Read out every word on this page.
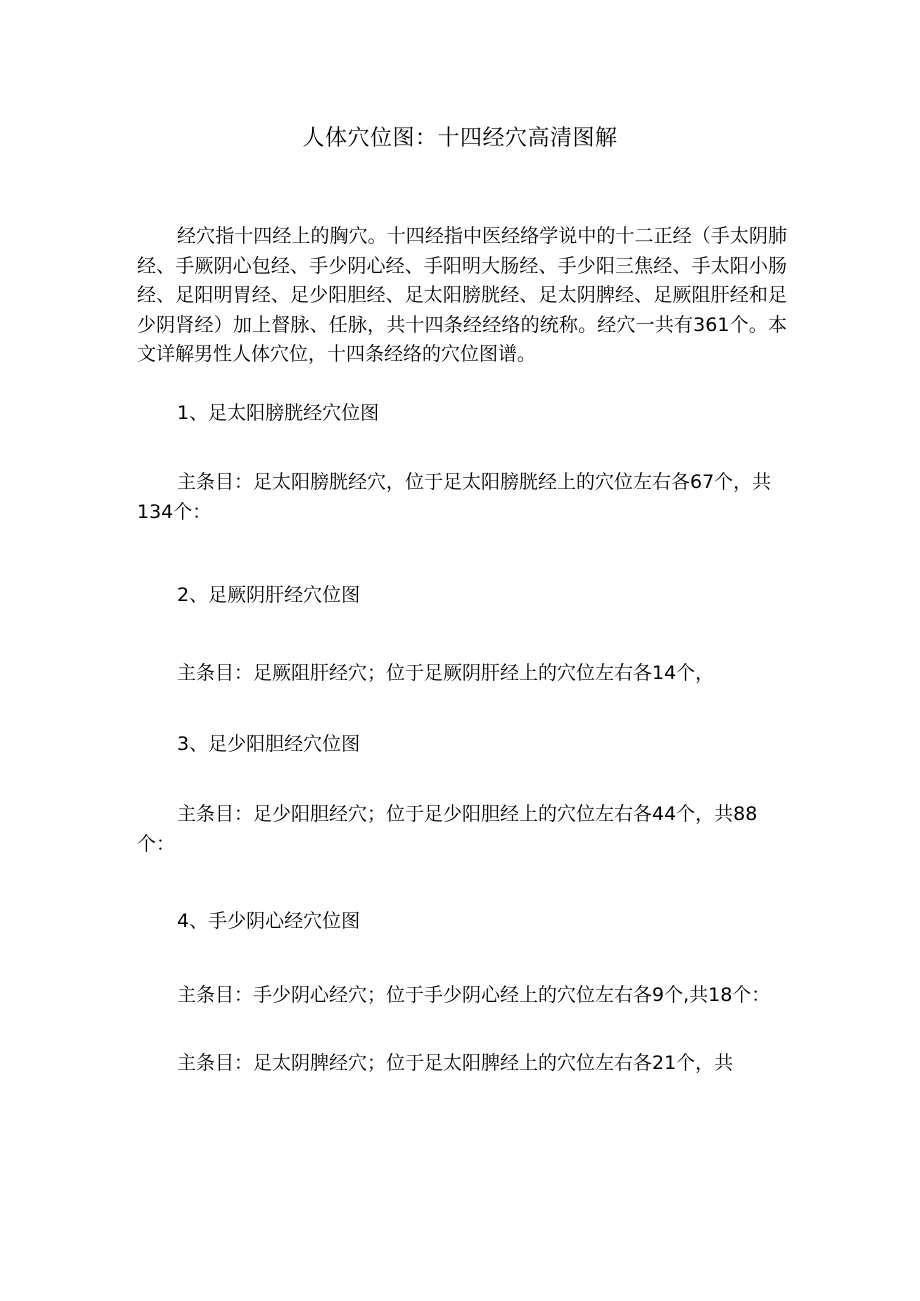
人体穴位图：十四经穴高清图解
经穴指十四经上的胸穴。十四经指中医经络学说中的十二正经（手太阴肺经、手厥阴心包经、手少阴心经、手阳明大肠经、手少阳三焦经、手太阳小肠经、足阳明胃经、足少阳胆经、足太阳膀胱经、足太阴脾经、足厥阻肝经和足少阴肾经）加上督脉、任脉，共十四条经经络的统称。经穴一共有361个。本文详解男性人体穴位，十四条经络的穴位图谱。
1、足太阳膀胱经穴位图
主条目：足太阳膀胱经穴，位于足太阳膀胱经上的穴位左右各67个，共134个：
2、足厥阴肝经穴位图
主条目：足厥阻肝经穴；位于足厥阴肝经上的穴位左右各14个，
3、足少阳胆经穴位图
主条目：足少阳胆经穴；位于足少阳胆经上的穴位左右各44个，共88个：
4、手少阴心经穴位图
主条目：手少阴心经穴；位于手少阴心经上的穴位左右各9个,共18个：
主条目：足太阴脾经穴；位于足太阳脾经上的穴位左右各21个，共
